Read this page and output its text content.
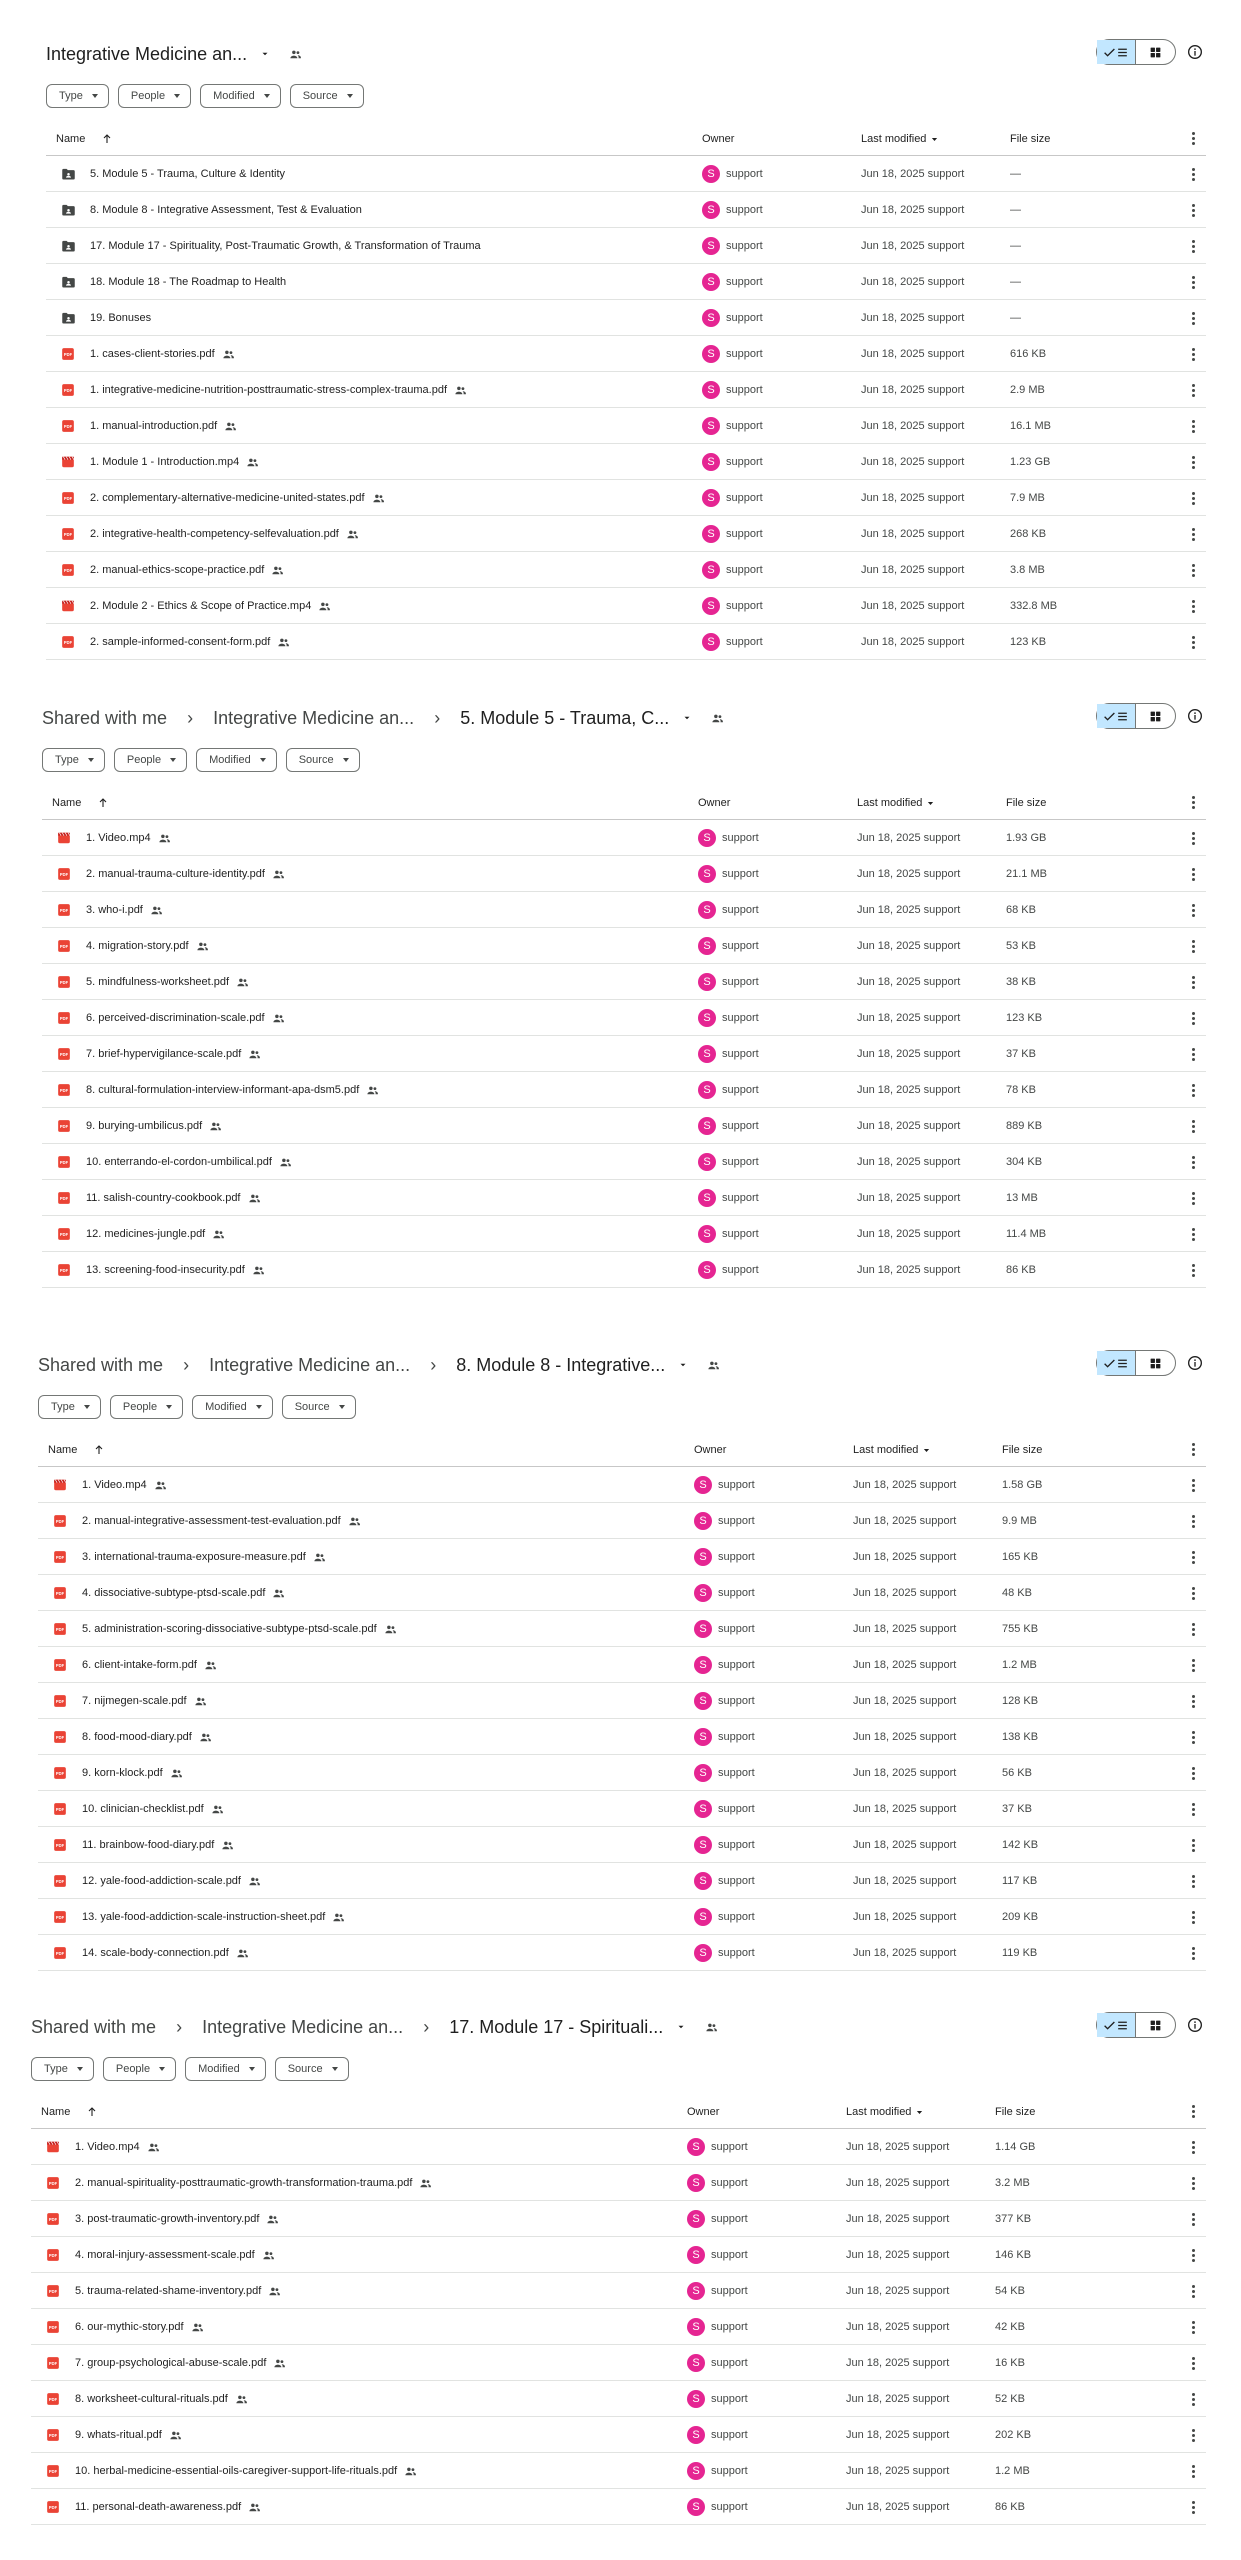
Integrative Medicine an...
Type	People	Modified	Source
Name	Owner	Last modified	File size
5. Module 5 - Trauma, Culture & Identity	S	support	Jun 18, 2025 support	—
8. Module 8 - Integrative Assessment, Test & Evaluation	S	support	Jun 18, 2025 support	—
17. Module 17 - Spirituality, Post-Traumatic Growth, & Transformation of Trauma	S	support	Jun 18, 2025 support	—
18. Module 18 - The Roadmap to Health	S	support	Jun 18, 2025 support	—
19. Bonuses	S	support	Jun 18, 2025 support	—
PDF 1. cases-client-stories.pdf	S	support	Jun 18, 2025 support	616 KB
PDF 1. integrative-medicine-nutrition-posttraumatic-stress-complex-trauma.pdf	S	support	Jun 18, 2025 support	2.9 MB
PDF 1. manual-introduction.pdf	S	support	Jun 18, 2025 support	16.1 MB
1. Module 1 - Introduction.mp4	S	support	Jun 18, 2025 support	1.23 GB
PDF 2. complementary-alternative-medicine-united-states.pdf	S	support	Jun 18, 2025 support	7.9 MB
PDF 2. integrative-health-competency-selfevaluation.pdf	S	support	Jun 18, 2025 support	268 KB
PDF 2. manual-ethics-scope-practice.pdf	S	support	Jun 18, 2025 support	3.8 MB
2. Module 2 - Ethics & Scope of Practice.mp4	S	support	Jun 18, 2025 support	332.8 MB
PDF 2. sample-informed-consent-form.pdf	S	support	Jun 18, 2025 support	123 KB
Shared with me › Integrative Medicine an... › 5. Module 5 - Trauma, C...
Type	People	Modified	Source
Name	Owner	Last modified	File size
1. Video.mp4	S	support	Jun 18, 2025 support	1.93 GB
PDF 2. manual-trauma-culture-identity.pdf	S	support	Jun 18, 2025 support	21.1 MB
PDF 3. who-i.pdf	S	support	Jun 18, 2025 support	68 KB
PDF 4. migration-story.pdf	S	support	Jun 18, 2025 support	53 KB
PDF 5. mindfulness-worksheet.pdf	S	support	Jun 18, 2025 support	38 KB
PDF 6. perceived-discrimination-scale.pdf	S	support	Jun 18, 2025 support	123 KB
PDF 7. brief-hypervigilance-scale.pdf	S	support	Jun 18, 2025 support	37 KB
PDF 8. cultural-formulation-interview-informant-apa-dsm5.pdf	S	support	Jun 18, 2025 support	78 KB
PDF 9. burying-umbilicus.pdf	S	support	Jun 18, 2025 support	889 KB
PDF 10. enterrando-el-cordon-umbilical.pdf	S	support	Jun 18, 2025 support	304 KB
PDF 11. salish-country-cookbook.pdf	S	support	Jun 18, 2025 support	13 MB
PDF 12. medicines-jungle.pdf	S	support	Jun 18, 2025 support	11.4 MB
PDF 13. screening-food-insecurity.pdf	S	support	Jun 18, 2025 support	86 KB
Shared with me › Integrative Medicine an... › 8. Module 8 - Integrative...
Type	People	Modified	Source
Name	Owner	Last modified	File size
1. Video.mp4	S	support	Jun 18, 2025 support	1.58 GB
PDF 2. manual-integrative-assessment-test-evaluation.pdf	S	support	Jun 18, 2025 support	9.9 MB
PDF 3. international-trauma-exposure-measure.pdf	S	support	Jun 18, 2025 support	165 KB
PDF 4. dissociative-subtype-ptsd-scale.pdf	S	support	Jun 18, 2025 support	48 KB
PDF 5. administration-scoring-dissociative-subtype-ptsd-scale.pdf	S	support	Jun 18, 2025 support	755 KB
PDF 6. client-intake-form.pdf	S	support	Jun 18, 2025 support	1.2 MB
PDF 7. nijmegen-scale.pdf	S	support	Jun 18, 2025 support	128 KB
PDF 8. food-mood-diary.pdf	S	support	Jun 18, 2025 support	138 KB
PDF 9. korn-klock.pdf	S	support	Jun 18, 2025 support	56 KB
PDF 10. clinician-checklist.pdf	S	support	Jun 18, 2025 support	37 KB
PDF 11. brainbow-food-diary.pdf	S	support	Jun 18, 2025 support	142 KB
PDF 12. yale-food-addiction-scale.pdf	S	support	Jun 18, 2025 support	117 KB
PDF 13. yale-food-addiction-scale-instruction-sheet.pdf	S	support	Jun 18, 2025 support	209 KB
PDF 14. scale-body-connection.pdf	S	support	Jun 18, 2025 support	119 KB
Shared with me › Integrative Medicine an... › 17. Module 17 - Spirituali...
Type	People	Modified	Source
Name	Owner	Last modified	File size
1. Video.mp4	S	support	Jun 18, 2025 support	1.14 GB
PDF 2. manual-spirituality-posttraumatic-growth-transformation-trauma.pdf	S	support	Jun 18, 2025 support	3.2 MB
PDF 3. post-traumatic-growth-inventory.pdf	S	support	Jun 18, 2025 support	377 KB
PDF 4. moral-injury-assessment-scale.pdf	S	support	Jun 18, 2025 support	146 KB
PDF 5. trauma-related-shame-inventory.pdf	S	support	Jun 18, 2025 support	54 KB
PDF 6. our-mythic-story.pdf	S	support	Jun 18, 2025 support	42 KB
PDF 7. group-psychological-abuse-scale.pdf	S	support	Jun 18, 2025 support	16 KB
PDF 8. worksheet-cultural-rituals.pdf	S	support	Jun 18, 2025 support	52 KB
PDF 9. whats-ritual.pdf	S	support	Jun 18, 2025 support	202 KB
PDF 10. herbal-medicine-essential-oils-caregiver-support-life-rituals.pdf	S	support	Jun 18, 2025 support	1.2 MB
PDF 11. personal-death-awareness.pdf	S	support	Jun 18, 2025 support	86 KB
